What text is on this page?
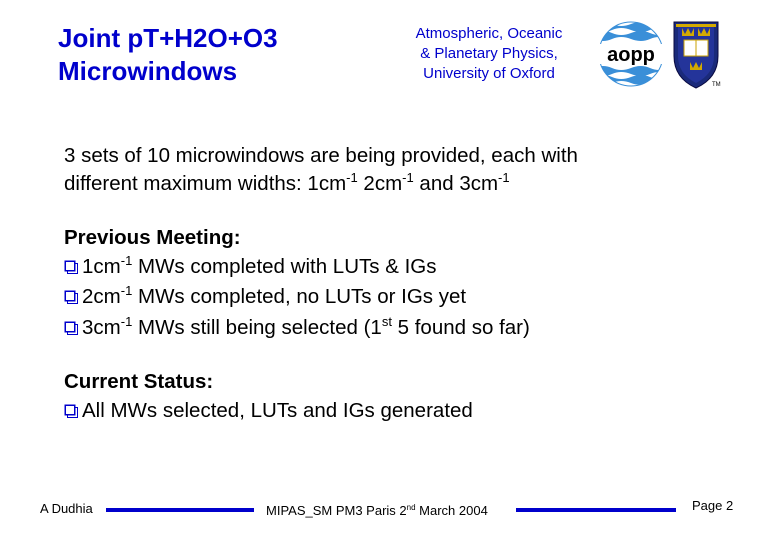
Joint pT+H2O+O3
Microwindows
Atmospheric, Oceanic
& Planetary Physics,
University of Oxford
aopp
TM
3 sets of 10 microwindows are being provided, each with
different maximum widths: $1cm^{-1}$ $2cm^{-1}$ and $3cm^{-1}$
Previous Meeting:
$1cm^{-1}$ MWs completed with LUTs & IGs
$2cm^{-1}$ MWs completed, no LUTs or IGs yet
$3cm^{-1}$ MWs still being selected (1st 5 found so far)
Current Status:
All MWs selected, LUTs and IGs generated
A Dudhia	MIPAS_SM PM3 Paris 2nd March 2004	Page 2
